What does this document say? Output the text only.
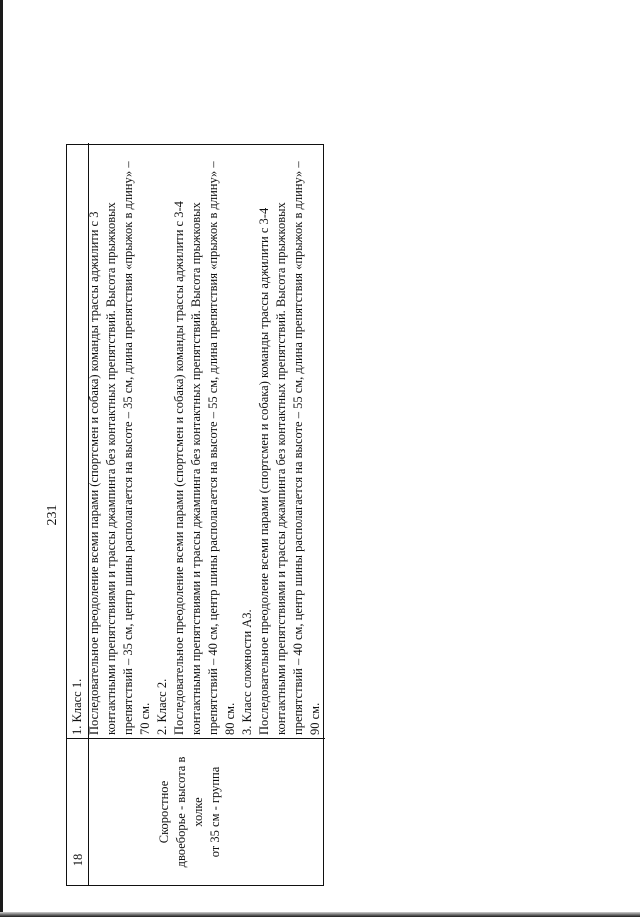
231
18
Скоростное двоеборье - высота в холке от 35 см - группа
1. Класс 1. Последовательное преодоление всеми парами (спортсмен и собака) команды трассы аджилити с 3 контактными препятствиями и трассы джампинга без контактных препятствий. Высота прыжковых препятствий – 35 см, центр шины располагается на высоте – 35 см, длина препятствия «прыжок в длину» – 70 см. 2. Класс 2. Последовательное преодоление всеми парами (спортсмен и собака) команды трассы аджилити с 3-4 контактными препятствиями и трассы джампинга без контактных препятствий. Высота прыжковых препятствий – 40 см, центр шины располагается на высоте – 55 см, длина препятствия «прыжок в длину» – 80 см. 3. Класс сложности А3. Последовательное преодолеие всеми парами (спортсмен и собака) команды трассы аджилити с 3-4 контактными препятствиями и трассы джампинга без контактных препятствий. Высота прыжковых препятствий – 40 см, центр шины располагается на высоте – 55 см, длина препятствия «прыжок в длину» – 90 см.
